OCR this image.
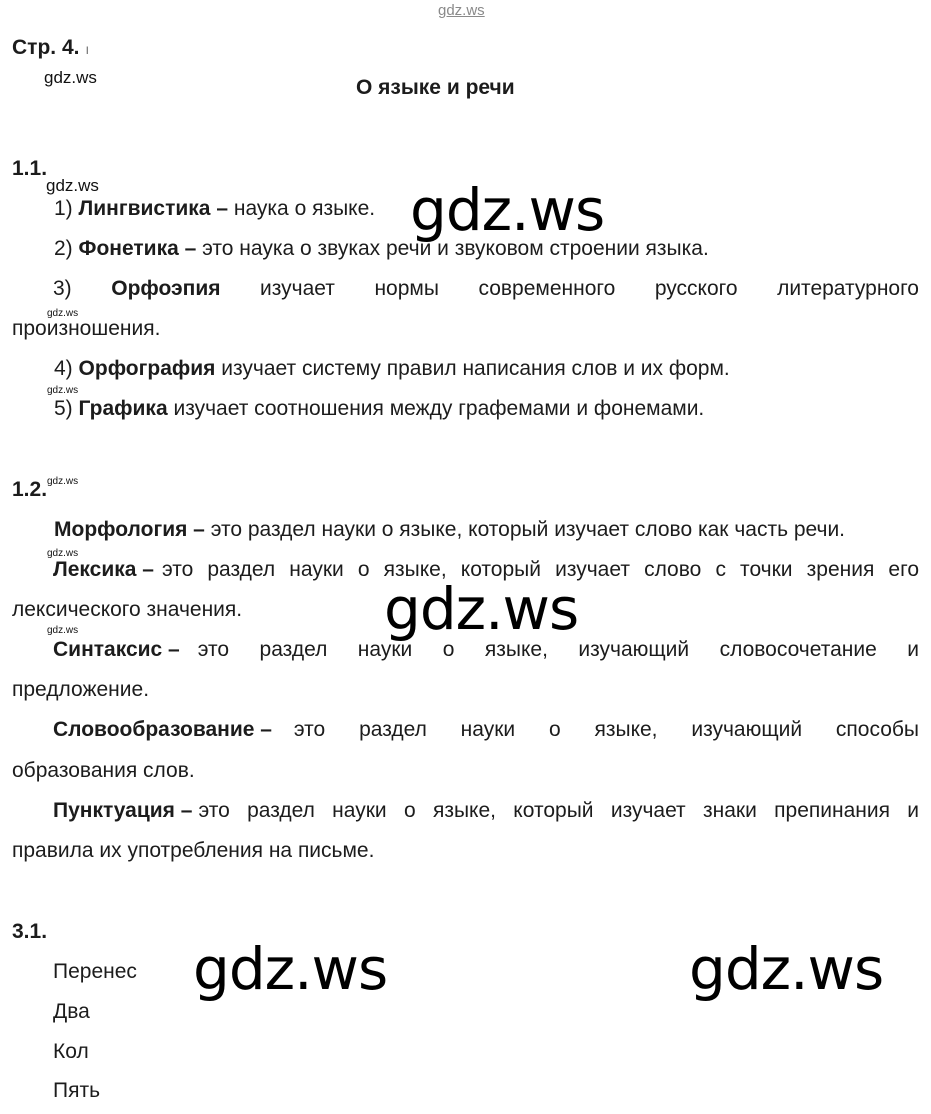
gdz.ws
gdz.ws
gdz.ws
gdz.ws
gdz.ws
gdz.ws
gdz.ws
gdz.ws
Стр. 4. ı
О языке и речи
1.1.
1) Лингвистика – наука о языке.
2) Фонетика – это наука о звуках речи и звуковом строении языка.
3) Орфоэпия изучает нормы современного русского литературного
произношения.
4) Орфография изучает систему правил написания слов и их форм.
5) Графика изучает соотношения между графемами и фонемами.
1.2.
Морфология – это раздел науки о языке, который изучает слово как часть речи.
Лексика – это раздел науки о языке, который изучает слово с точки зрения его
лексического значения.
Синтаксис – это раздел науки о языке, изучающий словосочетание и
предложение.
Словообразование – это раздел науки о языке, изучающий способы
образования слов.
Пунктуация – это раздел науки о языке, который изучает знаки препинания и
правила их употребления на письме.
3.1.
Перенес
Два
Кол
Пять
gdz.ws
gdz.ws
gdz.ws	gdz.ws
